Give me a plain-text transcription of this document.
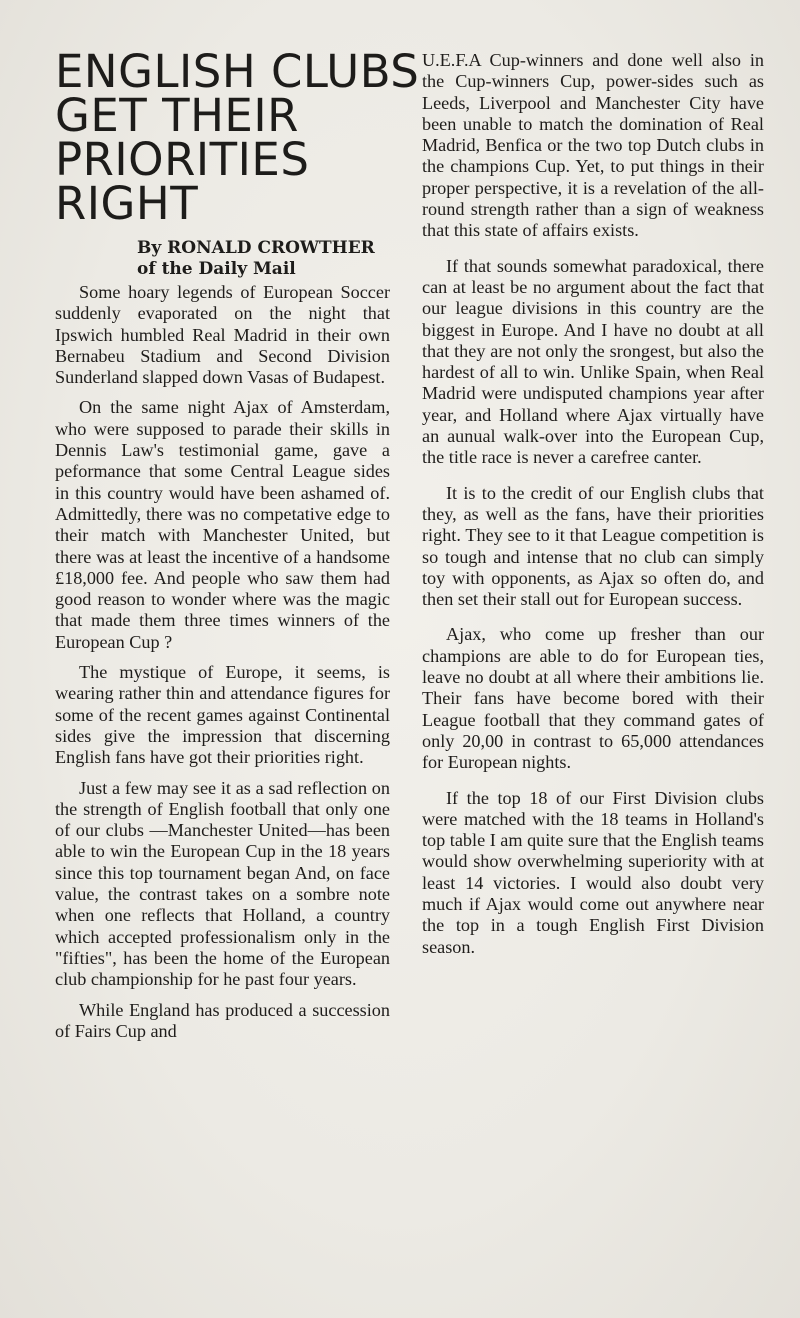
ENGLISH CLUBS
GET THEIR
PRIORITIES
RIGHT
By RONALD CROWTHER
of the Daily Mail

Some hoary legends of European Soccer suddenly evaporated on the night that Ipswich humbled Real Madrid in their own Bernabeu Stadium and Second Division Sunderland slapped down Vasas of Budapest.

On the same night Ajax of Amsterdam, who were supposed to parade their skills in Dennis Law's testimonial game, gave a peformance that some Central League sides in this country would have been ashamed of. Admittedly, there was no competative edge to their match with Manchester United, but there was at least the incentive of a handsome £18,000 fee. And people who saw them had good reason to wonder where was the magic that made them three times winners of the European Cup ?

The mystique of Europe, it seems, is wearing rather thin and attendance figures for some of the recent games against Continental sides give the impression that discerning English fans have got their priorities right.

Just a few may see it as a sad reflection on the strength of English football that only one of our clubs —Manchester United—has been able to win the European Cup in the 18 years since this top tournament began And, on face value, the contrast takes on a sombre note when one reflects that Holland, a country which accepted professionalism only in the "fifties", has been the home of the European club championship for he past four years.

While England has produced a succession of Fairs Cup and

U.E.F.A Cup-winners and done well also in the Cup-winners Cup, power-sides such as Leeds, Liverpool and Manchester City have been unable to match the domination of Real Madrid, Benfica or the two top Dutch clubs in the champions Cup. Yet, to put things in their proper perspective, it is a revelation of the all-round strength rather than a sign of weakness that this state of affairs exists.

If that sounds somewhat paradoxical, there can at least be no argument about the fact that our league divisions in this country are the biggest in Europe. And I have no doubt at all that they are not only the srongest, but also the hardest of all to win. Unlike Spain, when Real Madrid were undisputed champions year after year, and Holland where Ajax virtually have an aunual walk-over into the European Cup, the title race is never a carefree canter.

It is to the credit of our English clubs that they, as well as the fans, have their priorities right. They see to it that League competition is so tough and intense that no club can simply toy with opponents, as Ajax so often do, and then set their stall out for European success.

Ajax, who come up fresher than our champions are able to do for European ties, leave no doubt at all where their ambitions lie. Their fans have become bored with their League football that they command gates of only 20,00 in contrast to 65,000 attendances for European nights.

If the top 18 of our First Division clubs were matched with the 18 teams in Holland's top table I am quite sure that the English teams would show overwhelming superiority with at least 14 victories. I would also doubt very much if Ajax would come out anywhere near the top in a tough English First Division season.
